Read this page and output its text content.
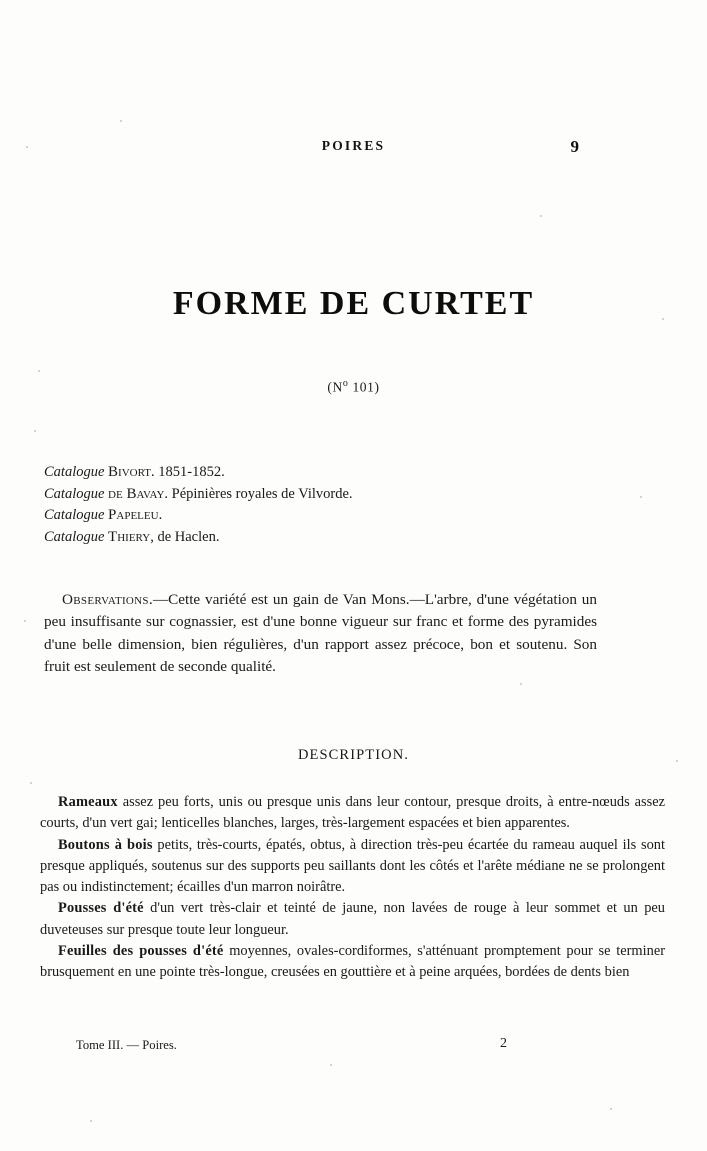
POIRES	9
FORME DE CURTET
($N^o$ 101)
Catalogue Bivort. 1851-1852.
Catalogue de Bavay. Pépinières royales de Vilvorde.
Catalogue Papeleu.
Catalogue Thiery, de Haclen.
Observations.—Cette variété est un gain de Van Mons.—L'arbre, d'une végétation un peu insuffisante sur cognassier, est d'une bonne vigueur sur franc et forme des pyramides d'une belle dimension, bien régulières, d'un rapport assez précoce, bon et soutenu. Son fruit est seulement de seconde qualité.
DESCRIPTION.

Rameaux assez peu forts, unis ou presque unis dans leur contour, presque droits, à entre-nœuds assez courts, d'un vert gai; lenticelles blanches, larges, très-largement espacées et bien apparentes.

Boutons à bois petits, très-courts, épatés, obtus, à direction très-peu écartée du rameau auquel ils sont presque appliqués, soutenus sur des supports peu saillants dont les côtés et l'arête médiane ne se prolongent pas ou indistinctement; écailles d'un marron noirâtre.

Pousses d'été d'un vert très-clair et teinté de jaune, non lavées de rouge à leur sommet et un peu duveteuses sur presque toute leur longueur.

Feuilles des pousses d'été moyennes, ovales-cordiformes, s'atténuant promptement pour se terminer brusquement en une pointe très-longue, creusées en gouttière et à peine arquées, bordées de dents bien

Tome III. — Poires.	2
